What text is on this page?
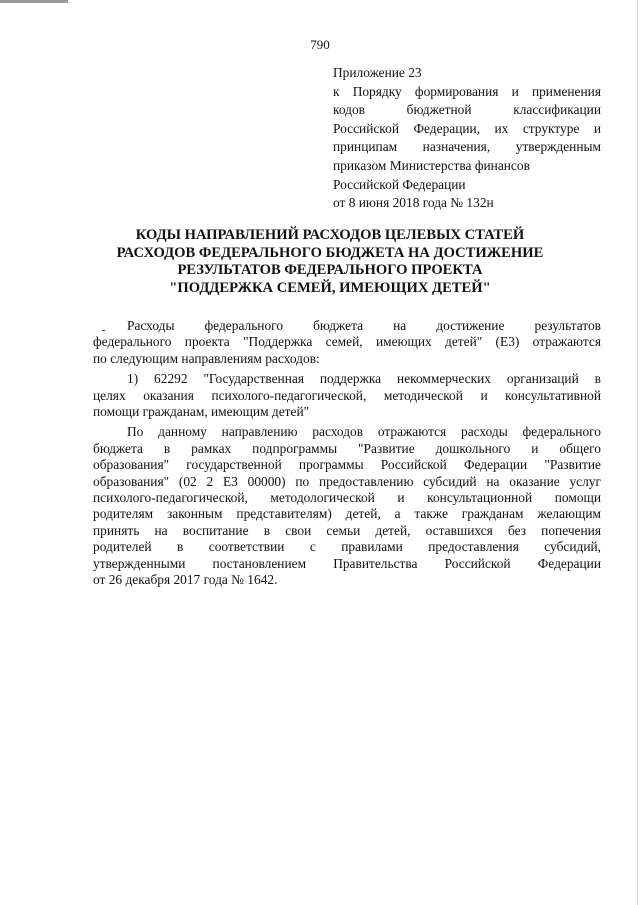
790
Приложение 23
к Порядку формирования и применения
кодов бюджетной классификации
Российской Федерации, их структуре и
принципам назначения, утвержденным
приказом Министерства финансов
Российской Федерации
от 8 июня 2018 года № 132н
КОДЫ НАПРАВЛЕНИЙ РАСХОДОВ ЦЕЛЕВЫХ СТАТЕЙ
РАСХОДОВ ФЕДЕРАЛЬНОГО БЮДЖЕТА НА ДОСТИЖЕНИЕ
РЕЗУЛЬТАТОВ ФЕДЕРАЛЬНОГО ПРОЕКТА
"ПОДДЕРЖКА СЕМЕЙ, ИМЕЮЩИХ ДЕТЕЙ"
Расходы федерального бюджета на достижение результатов
федерального проекта "Поддержка семей, имеющих детей" (Е3) отражаются
по следующим направлениям расходов:
1) 62292 "Государственная поддержка некоммерческих организаций в
целях оказания психолого-педагогической, методической и консультативной
помощи гражданам, имеющим детей"
По данному направлению расходов отражаются расходы федерального
бюджета в рамках подпрограммы "Развитие дошкольного и общего
образования" государственной программы Российской Федерации "Развитие
образования" (02 2 Е3 00000) по предоставлению субсидий на оказание услуг
психолого-педагогической, методологической и консультационной помощи
родителям законным представителям) детей, а также гражданам желающим
принять на воспитание в свои семьи детей, оставшихся без попечения
родителей в соответствии с правилами предоставления субсидий,
утвержденными постановлением Правительства Российской Федерации
от 26 декабря 2017 года № 1642.
